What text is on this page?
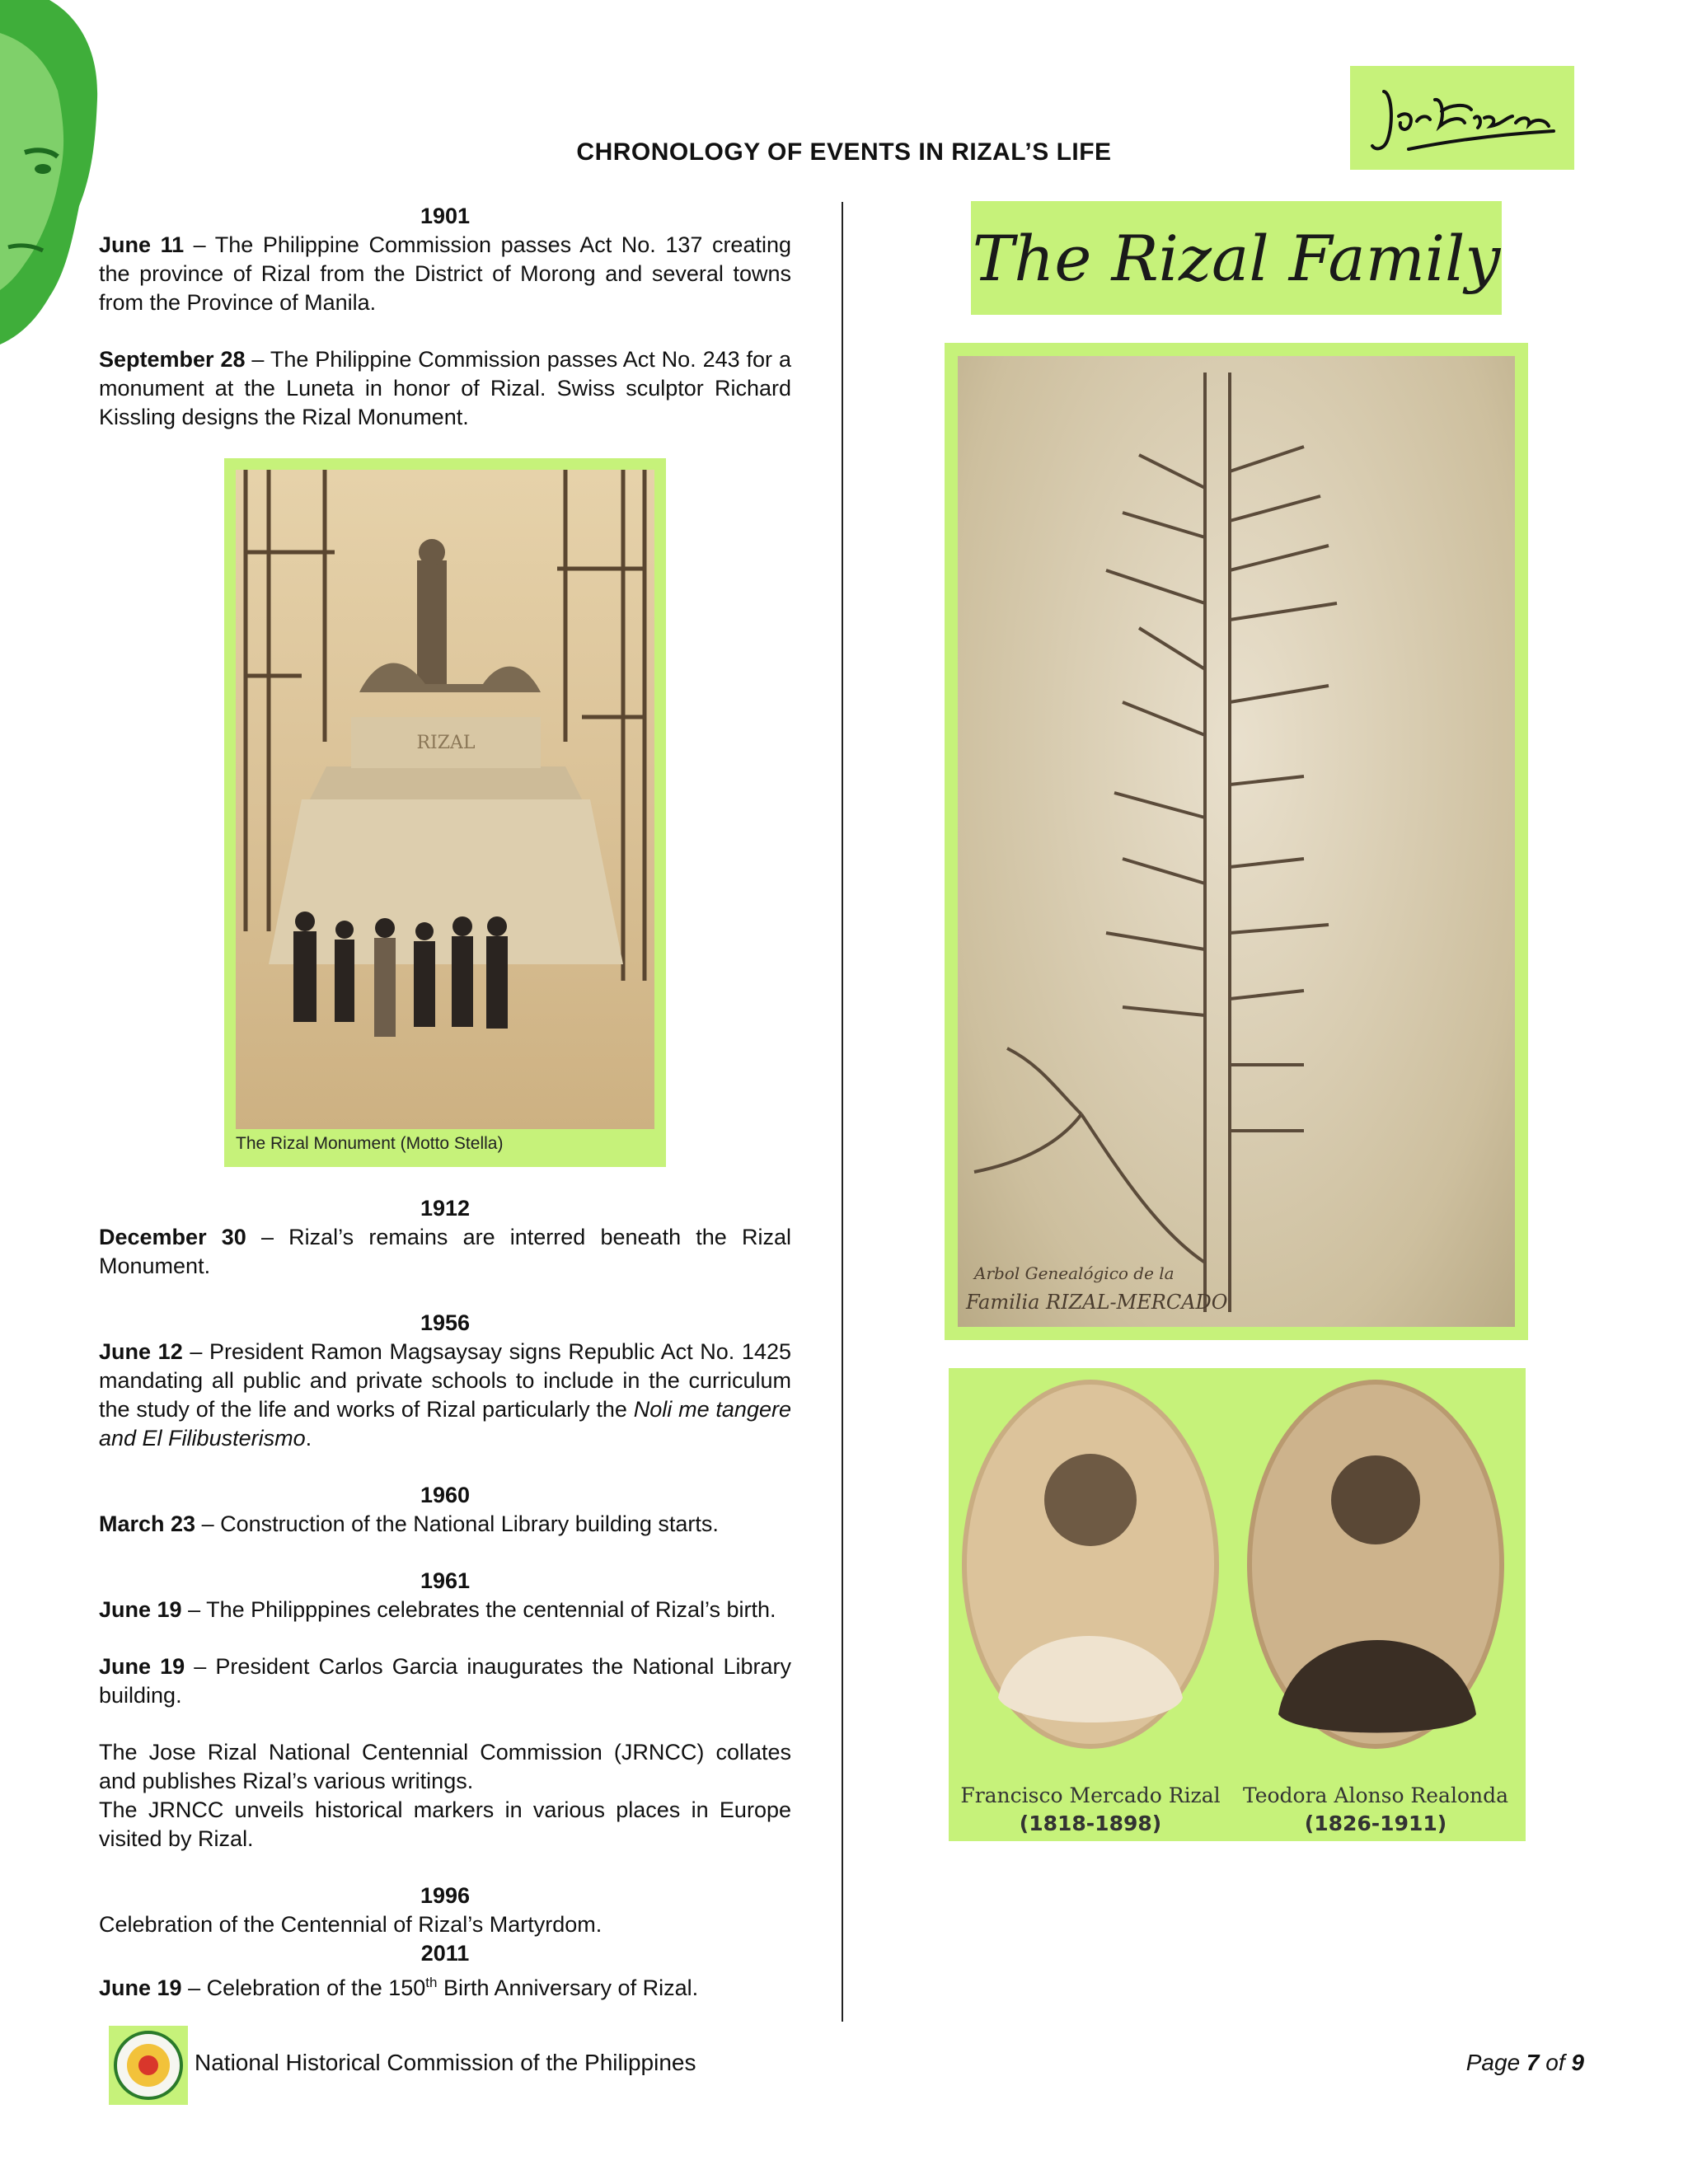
CHRONOLOGY OF EVENTS IN RIZAL’S LIFE

1901

June 11 – The Philippine Commission passes Act No. 137 creating the province of Rizal from the District of Morong and several towns from the Province of Manila.

September 28 – The Philippine Commission passes Act No. 243 for a monument at the Luneta in honor of Rizal. Swiss sculptor Richard Kissling designs the Rizal Monument.

1912

December 30 – Rizal’s remains are interred beneath the Rizal Monument.

1956

June 12 – President Ramon Magsaysay signs Republic Act No. 1425 mandating all public and private schools to include in the curriculum the study of the life and works of Rizal particularly the Noli me tangere and El Filibusterismo.

1960

March 23 – Construction of the National Library building starts.

1961

June 19 – The Philipppines celebrates the centennial of Rizal’s birth.

June 19 – President Carlos Garcia inaugurates the National Library building.

The Jose Rizal National Centennial Commission (JRNCC) collates and publishes Rizal’s various writings.

The JRNCC unveils historical markers in various places in Europe visited by Rizal.

1996

Celebration of the Centennial of Rizal’s Martyrdom.

2011

June 19 – Celebration of the 150th Birth Anniversary of Rizal.

RIZAL
The Rizal Monument (Motto Stella)
The Rizal Family
Arbol Genealógico de la
Familia RIZAL-MERCADO
Francisco Mercado Rizal
(1818-1898)
Teodora Alonso Realonda
(1826-1911)
National Historical Commission of the Philippines	Page 7 of 9
